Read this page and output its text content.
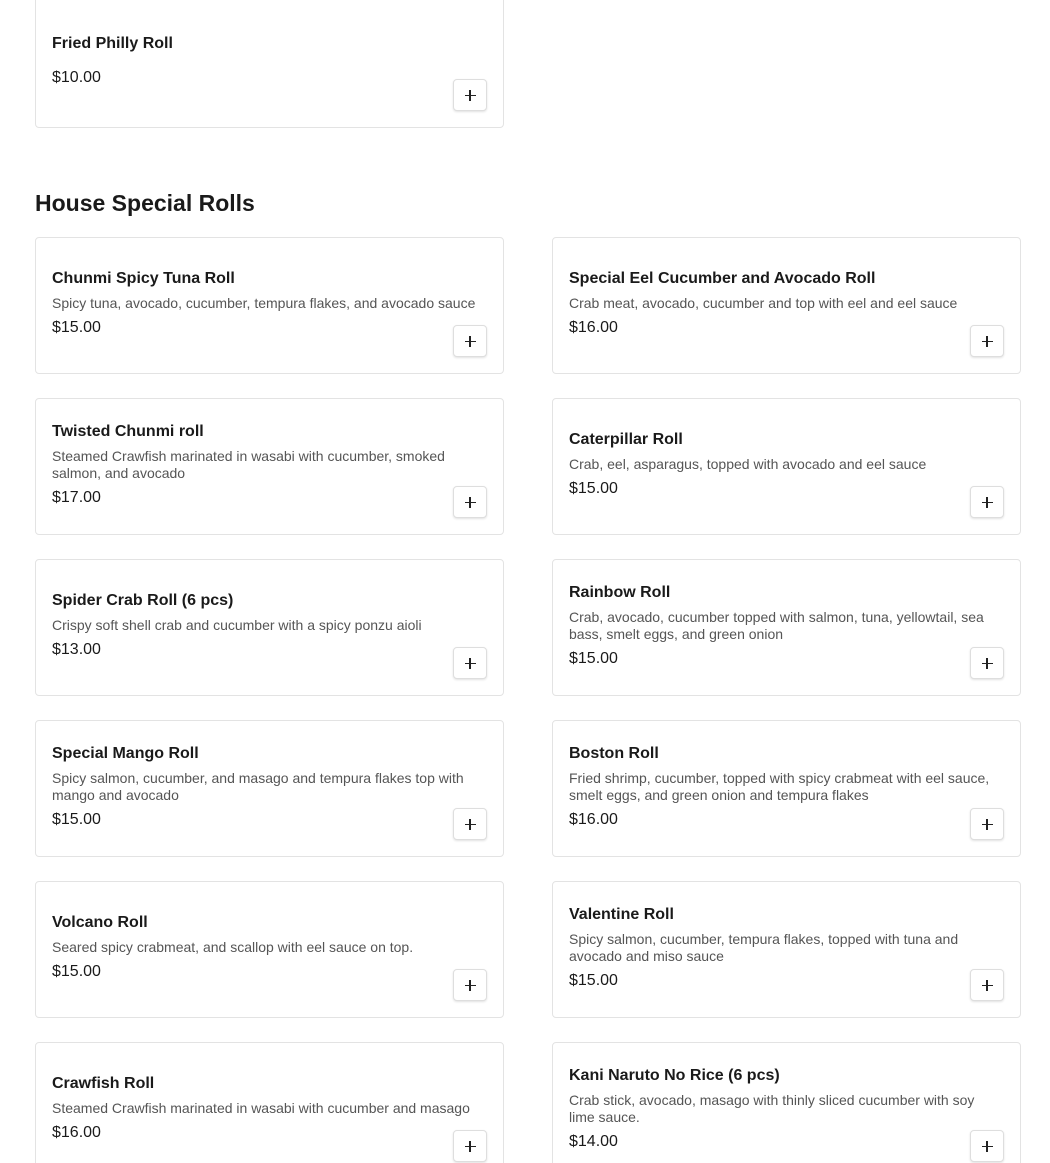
Fried Philly Roll
$10.00
House Special Rolls
Chunmi Spicy Tuna Roll
Spicy tuna, avocado, cucumber, tempura flakes, and avocado sauce
$15.00
Special Eel Cucumber and Avocado Roll
Crab meat, avocado, cucumber and top with eel and eel sauce
$16.00
Twisted Chunmi roll
Steamed Crawfish marinated in wasabi with cucumber, smoked salmon, and avocado
$17.00
Caterpillar Roll
Crab, eel, asparagus, topped with avocado and eel sauce
$15.00
Spider Crab Roll (6 pcs)
Crispy soft shell crab and cucumber with a spicy ponzu aioli
$13.00
Rainbow Roll
Crab, avocado, cucumber topped with salmon, tuna, yellowtail, sea bass, smelt eggs, and green onion
$15.00
Special Mango Roll
Spicy salmon, cucumber, and masago and tempura flakes top with mango and avocado
$15.00
Boston Roll
Fried shrimp, cucumber, topped with spicy crabmeat with eel sauce, smelt eggs, and green onion and tempura flakes
$16.00
Volcano Roll
Seared spicy crabmeat, and scallop with eel sauce on top.
$15.00
Valentine Roll
Spicy salmon, cucumber, tempura flakes, topped with tuna and avocado and miso sauce
$15.00
Crawfish Roll
Steamed Crawfish marinated in wasabi with cucumber and masago
$16.00
Kani Naruto No Rice (6 pcs)
Crab stick, avocado, masago with thinly sliced cucumber with soy lime sauce.
$14.00
